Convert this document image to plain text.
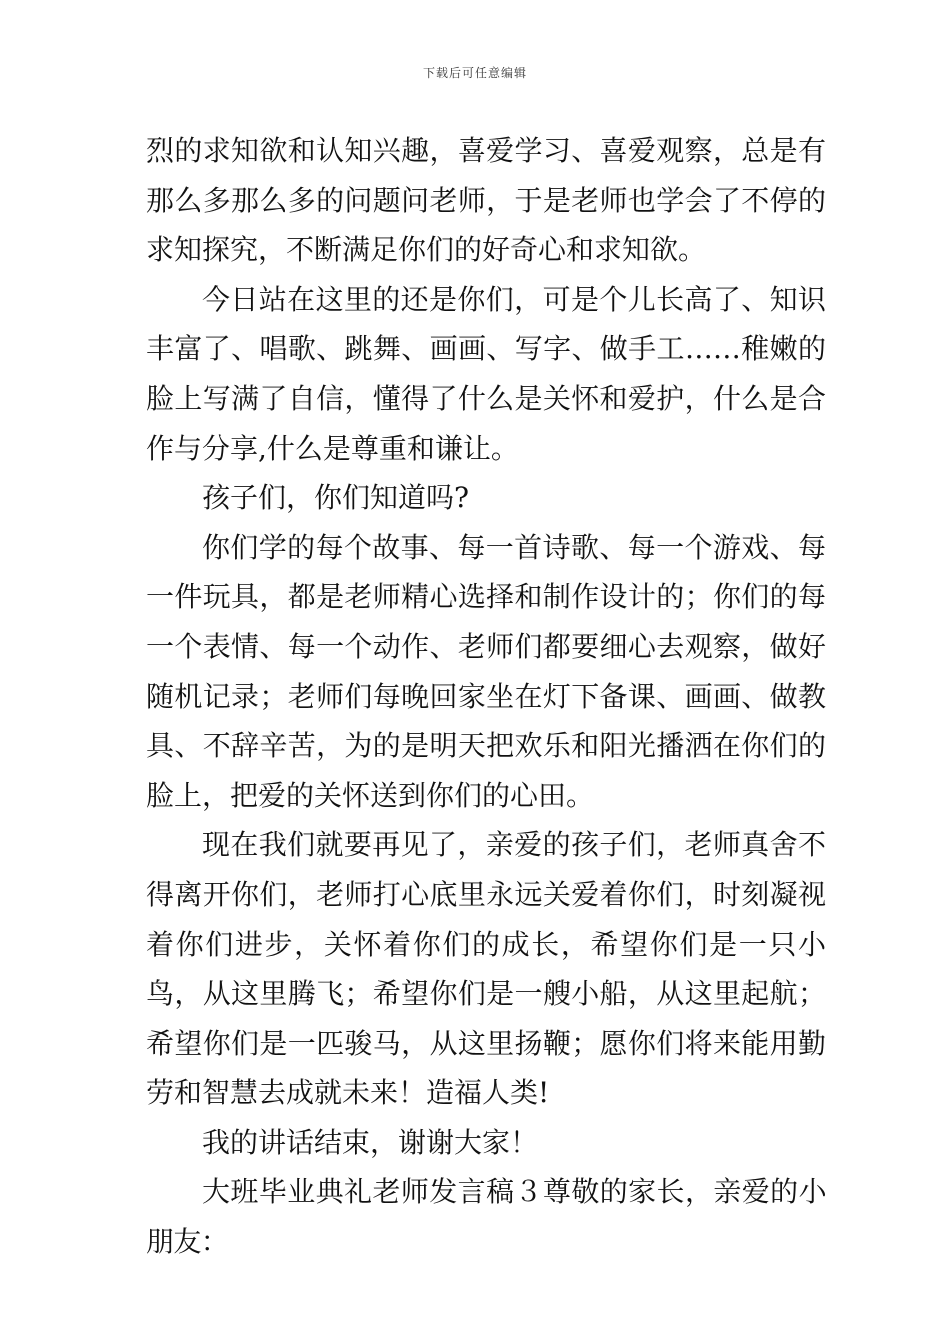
下载后可任意编辑

烈的求知欲和认知兴趣，喜爱学习、喜爱观察，总是有那么多那么多的问题问老师，于是老师也学会了不停的求知探究，不断满足你们的好奇心和求知欲。

今日站在这里的还是你们，可是个儿长高了、知识丰富了、唱歌、跳舞、画画、写字、做手工……稚嫩的脸上写满了自信，懂得了什么是关怀和爱护，什么是合作与分享,什么是尊重和谦让。

孩子们，你们知道吗?

你们学的每个故事、每一首诗歌、每一个游戏、每一件玩具，都是老师精心选择和制作设计的；你们的每一个表情、每一个动作、老师们都要细心去观察，做好随机记录；老师们每晚回家坐在灯下备课、画画、做教具、不辞辛苦，为的是明天把欢乐和阳光播洒在你们的脸上，把爱的关怀送到你们的心田。

现在我们就要再见了，亲爱的孩子们，老师真舍不得离开你们，老师打心底里永远关爱着你们，时刻凝视着你们进步，关怀着你们的成长，希望你们是一只小鸟，从这里腾飞；希望你们是一艘小船，从这里起航；希望你们是一匹骏马，从这里扬鞭；愿你们将来能用勤劳和智慧去成就未来！造福人类!

我的讲话结束，谢谢大家！

大班毕业典礼老师发言稿３尊敬的家长，亲爱的小朋友：
